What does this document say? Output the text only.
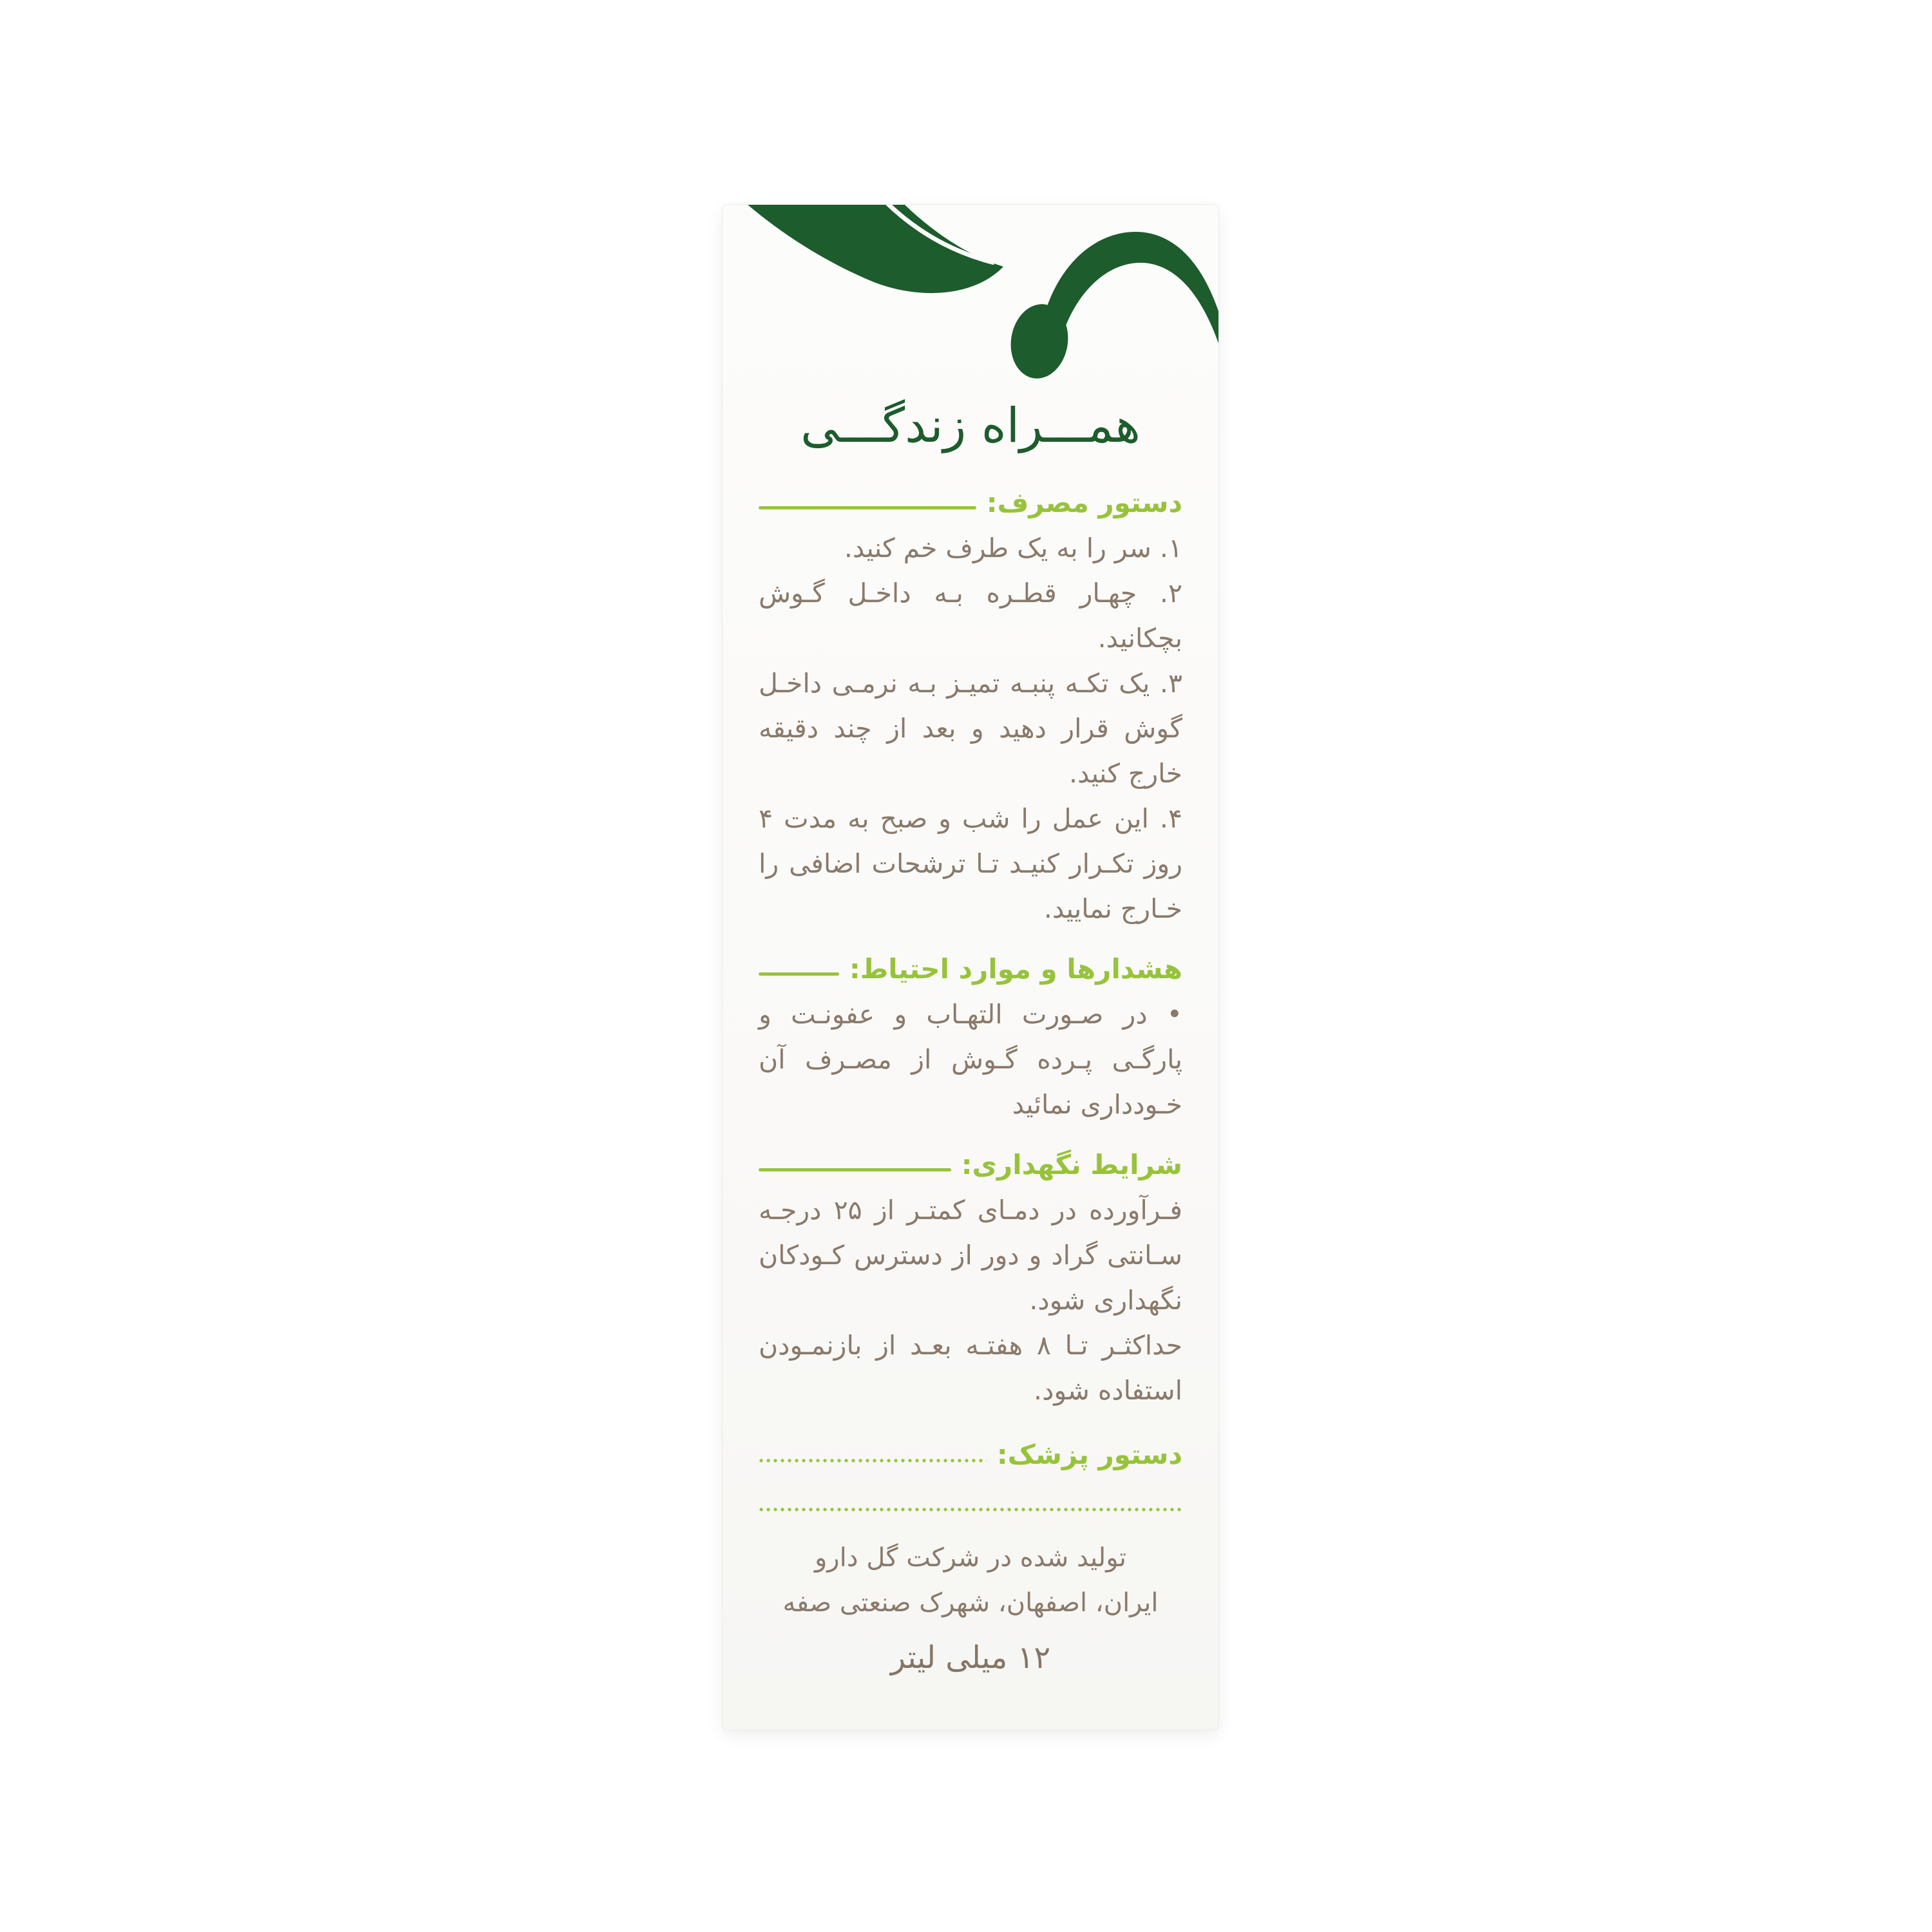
همـــراه زندگـــی
دستور مصرف:

۱. سر را به یک طرف خم کنید.

۲. چهـار قطـره بـه داخـل گـوش بچکانید.

۳. یک تکـه پنبـه تمیـز بـه نرمـی داخـل گوش قرار دهید و بعد از چند دقیقه خارج کنید.

۴. این عمل را شب و صبح به مدت ۴ روز تکـرار کنیـد تـا ترشحات اضافی را خـارج نمایید.

هشدارها و موارد احتیاط:

• در صـورت التهـاب و عفونـت و پارگـی پـرده گـوش از مصـرف آن خـودداری نمائید

شرایط نگهداری:

فـرآورده در دمـای کمتـر از ۲۵ درجـه سـانتی گراد و دور از دسترس کـودکان نگهداری شود.

حداکثـر تـا ۸ هفتـه بعـد از بازنمـودن استفاده شود.

دستور پزشک:

تولید شده در شرکت گل دارو

ایران، اصفهان، شهرک صنعتی صفه

۱۲ میلی لیتر
